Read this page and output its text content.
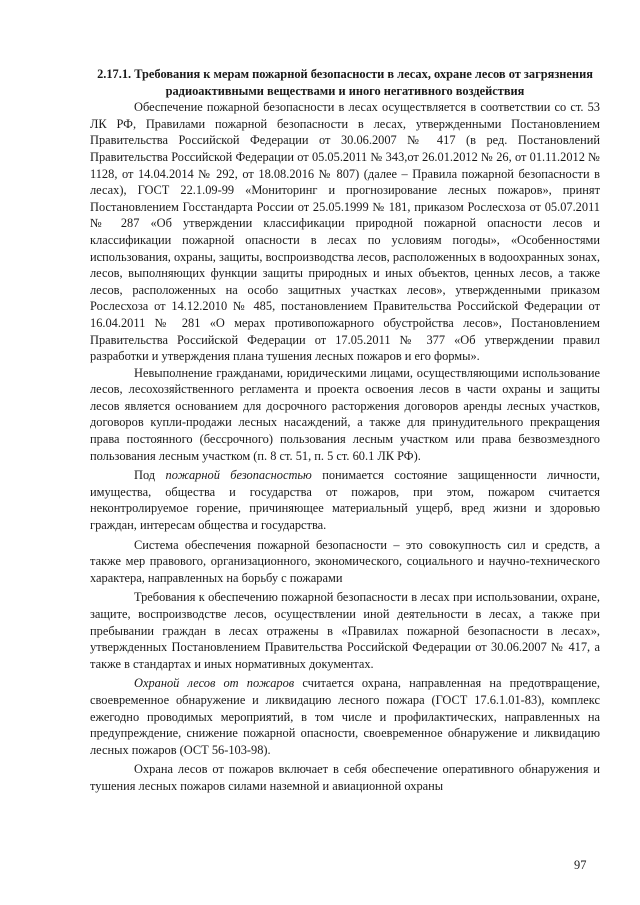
2.17.1. Требования к мерам пожарной безопасности в лесах, охране лесов от загрязнения радиоактивными веществами и иного негативного воздействия

Обеспечение пожарной безопасности в лесах осуществляется в соответствии со ст. 53 ЛК РФ, Правилами пожарной безопасности в лесах, утвержденными Постановлением Правительства Российской Федерации от 30.06.2007 № 417 (в ред. Постановлений Правительства Российской Федерации от 05.05.2011 № 343,от 26.01.2012 № 26, от 01.11.2012 № 1128, от 14.04.2014 № 292, от 18.08.2016 № 807) (далее – Правила пожарной безопасности в лесах), ГОСТ 22.1.09-99 «Мониторинг и прогнозирование лесных пожаров», принят Постановлением Госстандарта России от 25.05.1999 № 181, приказом Рослесхоза от 05.07.2011 № 287 «Об утверждении классификации природной пожарной опасности лесов и классификации пожарной опасности в лесах по условиям погоды», «Особенностями использования, охраны, защиты, воспроизводства лесов, расположенных в водоохранных зонах, лесов, выполняющих функции защиты природных и иных объектов, ценных лесов, а также лесов, расположенных на особо защитных участках лесов», утвержденными приказом Рослесхоза от 14.12.2010 № 485, постановлением Правительства Российской Федерации от 16.04.2011 № 281 «О мерах противопожарного обустройства лесов», Постановлением Правительства Российской Федерации от 17.05.2011 № 377 «Об утверждении правил разработки и утверждения плана тушения лесных пожаров и его формы».

Невыполнение гражданами, юридическими лицами, осуществляющими использование лесов, лесохозяйственного регламента и проекта освоения лесов в части охраны и защиты лесов является основанием для досрочного расторжения договоров аренды лесных участков, договоров купли-продажи лесных насаждений, а также для принудительного прекращения права постоянного (бессрочного) пользования лесным участком или права безвозмездного пользования лесным участком (п. 8 ст. 51, п. 5 ст. 60.1 ЛК РФ).

Под пожарной безопасностью понимается состояние защищенности личности, имущества, общества и государства от пожаров, при этом, пожаром считается неконтролируемое горение, причиняющее материальный ущерб, вред жизни и здоровью граждан, интересам общества и государства.

Система обеспечения пожарной безопасности – это совокупность сил и средств, а также мер правового, организационного, экономического, социального и научно-технического характера, направленных на борьбу с пожарами

Требования к обеспечению пожарной безопасности в лесах при использовании, охране, защите, воспроизводстве лесов, осуществлении иной деятельности в лесах, а также при пребывании граждан в лесах отражены в «Правилах пожарной безопасности в лесах», утвержденных Постановлением Правительства Российской Федерации от 30.06.2007 № 417, а также в стандартах и иных нормативных документах.

Охраной лесов от пожаров считается охрана, направленная на предотвращение, своевременное обнаружение и ликвидацию лесного пожара (ГОСТ 17.6.1.01-83), комплекс ежегодно проводимых мероприятий, в том числе и профилактических, направленных на предупреждение, снижение пожарной опасности, своевременное обнаружение и ликвидацию лесных пожаров (ОСТ 56-103-98).

Охрана лесов от пожаров включает в себя обеспечение оперативного обнаружения и тушения лесных пожаров силами наземной и авиационной охраны

97
